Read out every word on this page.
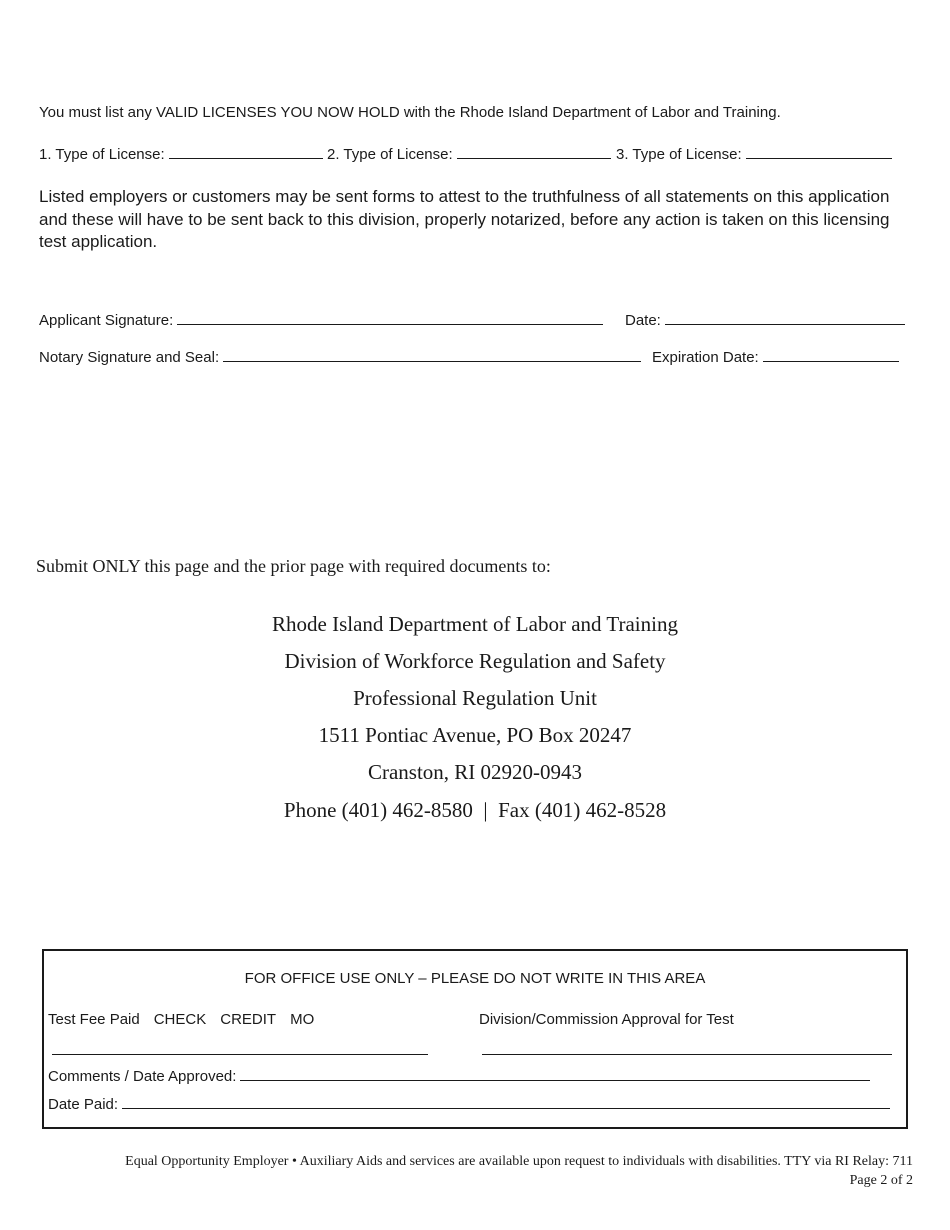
You must list any VALID LICENSES YOU NOW HOLD with the Rhode Island Department of Labor and Training.
1. Type of License:	2. Type of License:	3. Type of License:
Listed employers or customers may be sent forms to attest to the truthfulness of all statements on this application and these will have to be sent back to this division, properly notarized, before any action is taken on this licensing test application.
Applicant Signature:	Date:
Notary Signature and Seal:	Expiration Date:
Submit ONLY this page and the prior page with required documents to:
Rhode Island Department of Labor and Training
Division of Workforce Regulation and Safety
Professional Regulation Unit
1511 Pontiac Avenue, PO Box 20247
Cranston, RI 02920-0943
Phone (401) 462-8580  |  Fax (401) 462-8528
FOR OFFICE USE ONLY – PLEASE DO NOT WRITE IN THIS AREA
Test Fee Paid CHECK CREDIT MO	Division/Commission Approval for Test
Comments / Date Approved:
Date Paid:
Equal Opportunity Employer • Auxiliary Aids and services are available upon request to individuals with disabilities. TTY via RI Relay: 711
Page 2 of 2
